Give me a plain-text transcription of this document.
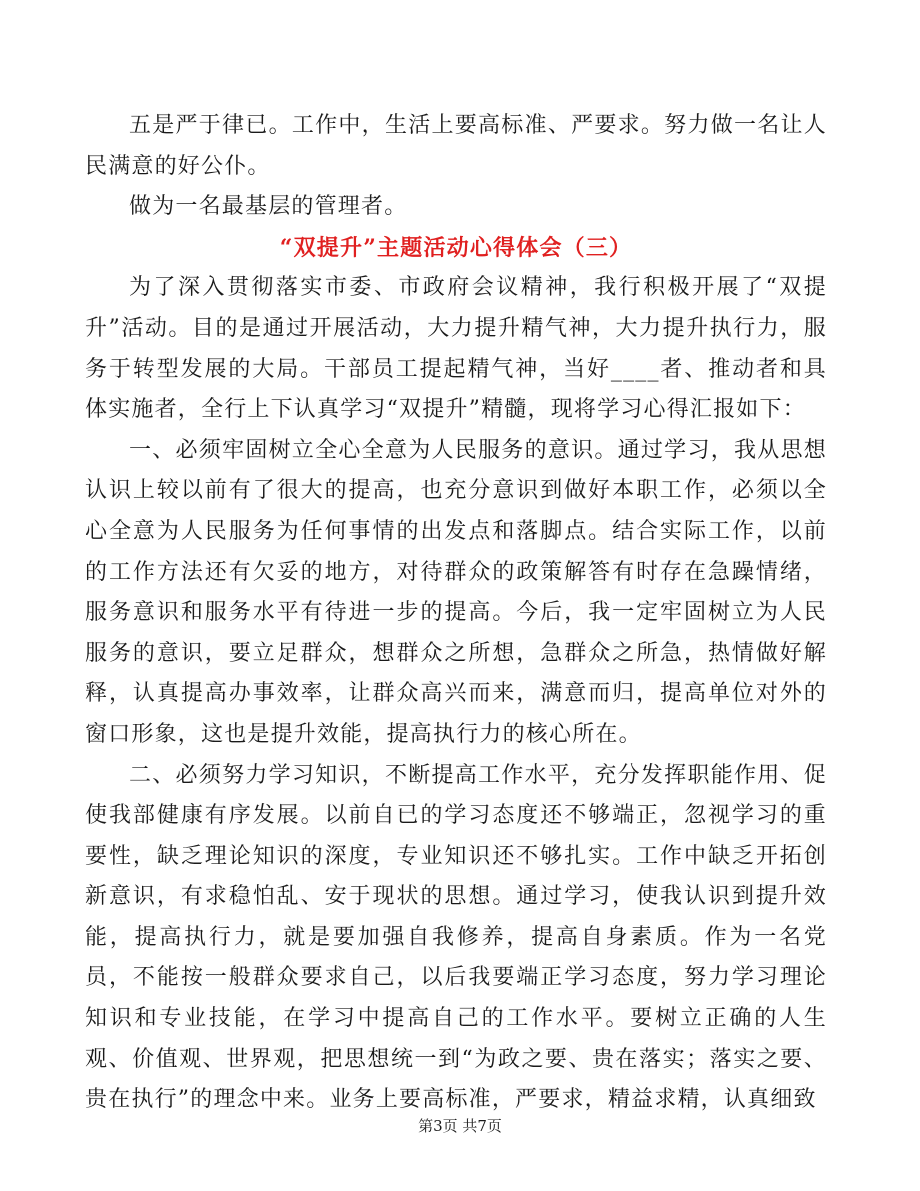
五是严于律已。工作中，生活上要高标准、严要求。努力做一名让人民满意的好公仆。

做为一名最基层的管理者。

“双提升”主题活动心得体会（三）

为了深入贯彻落实市委、市政府会议精神，我行积极开展了“双提升”活动。目的是通过开展活动，大力提升精气神，大力提升执行力，服务于转型发展的大局。干部员工提起精气神，当好____者、推动者和具体实施者，全行上下认真学习“双提升”精髓，现将学习心得汇报如下：

一、必须牢固树立全心全意为人民服务的意识。通过学习，我从思想认识上较以前有了很大的提高，也充分意识到做好本职工作，必须以全心全意为人民服务为任何事情的出发点和落脚点。结合实际工作，以前的工作方法还有欠妥的地方，对待群众的政策解答有时存在急躁情绪，服务意识和服务水平有待进一步的提高。今后，我一定牢固树立为人民服务的意识，要立足群众，想群众之所想，急群众之所急，热情做好解释，认真提高办事效率，让群众高兴而来，满意而归，提高单位对外的窗口形象，这也是提升效能，提高执行力的核心所在。

二、必须努力学习知识，不断提高工作水平，充分发挥职能作用、促使我部健康有序发展。以前自已的学习态度还不够端正，忽视学习的重要性，缺乏理论知识的深度，专业知识还不够扎实。工作中缺乏开拓创新意识，有求稳怕乱、安于现状的思想。通过学习，使我认识到提升效能，提高执行力，就是要加强自我修养，提高自身素质。作为一名党员，不能按一般群众要求自己，以后我要端正学习态度，努力学习理论知识和专业技能，在学习中提高自己的工作水平。要树立正确的人生观、价值观、世界观，把思想统一到“为政之要、贵在落实；落实之要、贵在执行”的理念中来。业务上要高标准，严要求，精益求精，认真细致

第3页 共7页
